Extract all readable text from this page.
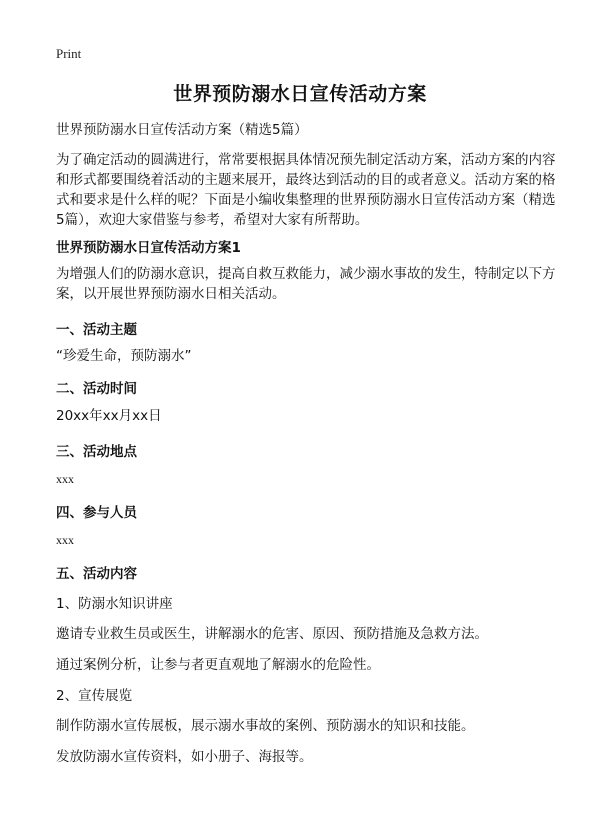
Print
世界预防溺水日宣传活动方案
世界预防溺水日宣传活动方案（精选5篇）
为了确定活动的圆满进行，常常要根据具体情况预先制定活动方案，活动方案的内容和形式都要围绕着活动的主题来展开，最终达到活动的目的或者意义。活动方案的格式和要求是什么样的呢？下面是小编收集整理的世界预防溺水日宣传活动方案（精选5篇），欢迎大家借鉴与参考，希望对大家有所帮助。
世界预防溺水日宣传活动方案1
为增强人们的防溺水意识，提高自救互救能力，减少溺水事故的发生，特制定以下方案，以开展世界预防溺水日相关活动。
一、活动主题
“珍爱生命，预防溺水”
二、活动时间
20xx年xx月xx日
三、活动地点
xxx
四、参与人员
xxx
五、活动内容
1、防溺水知识讲座
邀请专业救生员或医生，讲解溺水的危害、原因、预防措施及急救方法。
通过案例分析，让参与者更直观地了解溺水的危险性。
2、宣传展览
制作防溺水宣传展板，展示溺水事故的案例、预防溺水的知识和技能。
发放防溺水宣传资料，如小册子、海报等。
